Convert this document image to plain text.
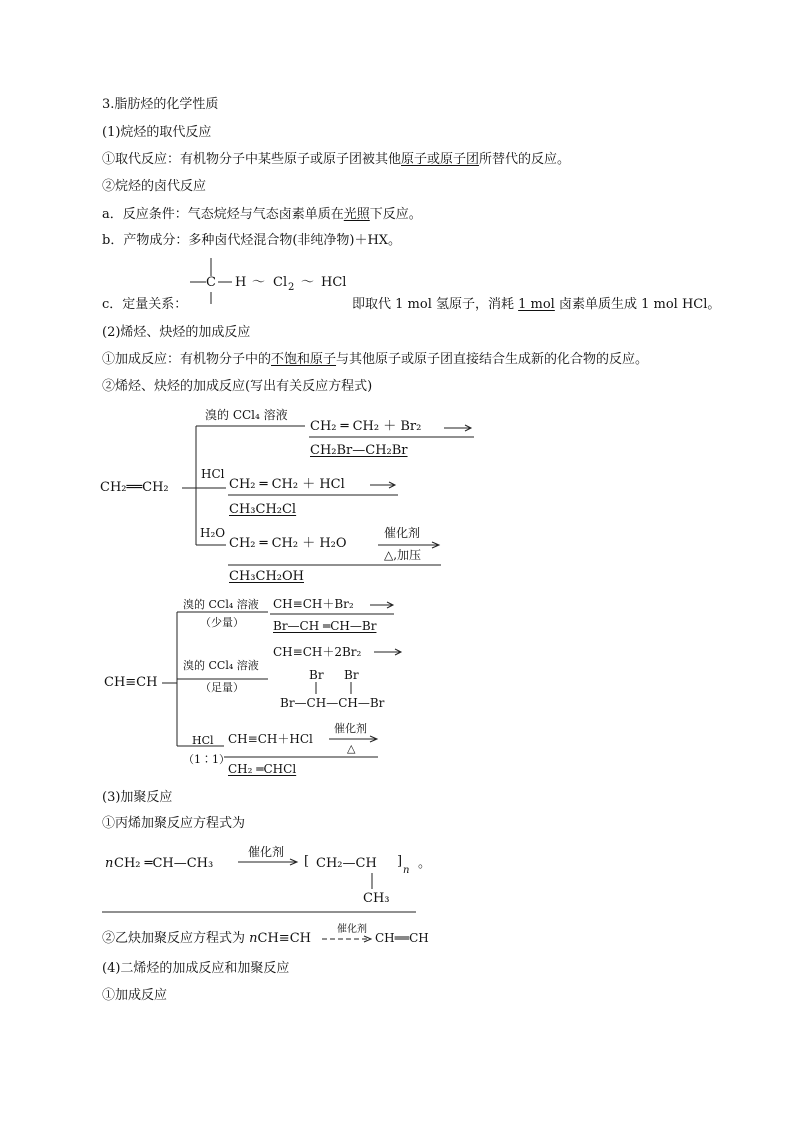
3.脂肪烃的化学性质
(1)烷烃的取代反应
①取代反应：有机物分子中某些原子或原子团被其他原子或原子团所替代的反应。
②烷烃的卤代反应
a．反应条件：气态烷烃与气态卤素单质在光照下反应。
b．产物成分：多种卤代烃混合物(非纯净物)＋HX。
c．定量关系：
C H ～ Cl 2 ～ HCl
即取代 1 mol 氢原子，消耗 1 mol 卤素单质生成 1 mol HCl。
(2)烯烃、炔烃的加成反应
①加成反应：有机物分子中的不饱和原子与其他原子或原子团直接结合生成新的化合物的反应。
②烯烃、炔烃的加成反应(写出有关反应方程式)
CH₂══CH₂
溴的 CCl₄ 溶液
CH₂ ═ CH₂ ＋ Br₂
CH₂Br—CH₂Br
HCl
CH₂ ═ CH₂ ＋ HCl
CH₃CH₂Cl
H₂O
CH₂ ═ CH₂ ＋ H₂O
催化剂
△,加压
CH₃CH₂OH
CH≡CH
溴的 CCl₄ 溶液
（少量）
CH≡CH＋Br₂
Br—CH ═CH—Br
溴的 CCl₄ 溶液
（足量）
CH≡CH＋2Br₂
Br Br
Br—CH—CH—Br
HCl
（1∶1）
CH≡CH＋HCl
催化剂
△
CH₂ ═CHCl
(3)加聚反应
①丙烯加聚反应方程式为
n CH₂ ═CH—CH₃
催化剂
[ CH₂—CH ]
n
CH₃
。
②乙炔加聚反应方程式为 nCH≡CH
催化剂
CH══CH
(4)二烯烃的加成反应和加聚反应
①加成反应
